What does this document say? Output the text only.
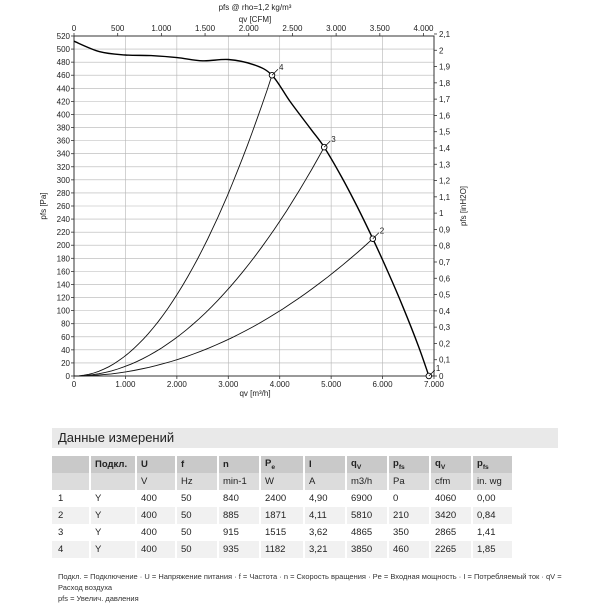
0	1.000	2.000	3.000	4.000	5.000	6.000	7.000
0
20
40
60
80
100
120
140
160
180
200
220
240
260
280
300
320
340
360
380
400
420
440
460
480
500
520
0	500	1.000	1.500	2.000	2.500	3.000	3.500	4.000
0
0,1
0,2
0,3
0,4
0,5
0,6
0,7
0,8
0,9
1
1,1
1,2
1,3
1,4
1,5
1,6
1,7
1,8
1,9
2
2,1
1
2
3
4
pfs @ rho=1,2 kg/m³
qv [CFM]
qv [m³/h]
pfs [Pa]	pfs [inH2O]
Данные измерений
	Подкл.	U	f	n	$P_e$	I	$q_V$	$p_{fs}$	$q_V$	$p_{fs}$
		V	Hz	min-1	W	A	m3/h	Pa	cfm	in. wg
1	Y	400	50	840	2400	4,90	6900	0	4060	0,00
2	Y	400	50	885	1871	4,11	5810	210	3420	0,84
3	Y	400	50	915	1515	3,62	4865	350	2865	1,41
4	Y	400	50	935	1182	3,21	3850	460	2265	1,85
Подкл. = Подключение · U = Напряжение питания · f = Частота · n = Скорость вращения · Pe = Входная мощность · I = Потребляемый ток · qV = Расход воздуха
pfs = Увелич. давления
